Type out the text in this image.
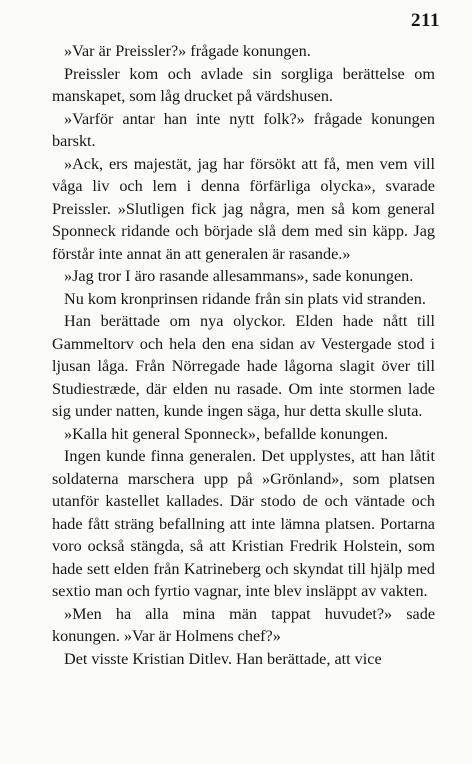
211

»Var är Preissler?» frågade ko​nungen.

Preissler kom och avlade sin sorgliga berättelse om manskapet, som låg drucket på värdshusen.

»Varför antar han inte nytt folk?» frågade konungen barskt.

»Ack, ers majestät, jag har försökt att få, men vem vill våga liv och lem i denna förfärliga olycka», svarade Preissler. »Slutligen fick jag några, men så kom general Sponneck ridande och började slå dem med sin käpp. Jag förstår inte annat än att generalen är rasande.»

»Jag tror I äro rasande allesammans», sade konungen.

Nu kom kronprinsen ridande från sin plats vid stranden.

Han berättade om nya olyckor. Elden hade nått till Gammeltorv och hela den ena sidan av Vestergade stod i ljusan låga. Från Nörregade hade lågorna slagit över till Studiestræde, där elden nu rasade. Om inte stormen lade sig under natten, kunde ingen säga, hur detta skulle sluta.

»Kalla hit general Sponneck», befallde konungen.

Ingen kunde finna generalen. Det upplystes, att han låtit soldaterna marschera upp på »Grönland», som platsen utanför kastellet kallades. Där stodo de och väntade och hade fått sträng befallning att inte lämna platsen. Portarna voro också stängda, så att Kristian Fredrik Holstein, som hade sett elden från Katrineberg och skyndat till hjälp med sextio man och fyrtio vagnar, inte blev insläppt av vakten.

»Men ha alla mina män tappat huvudet?» sade konungen. »Var är Holmens chef?»

Det visste Kristian Ditlev. Han berättade, att vice
